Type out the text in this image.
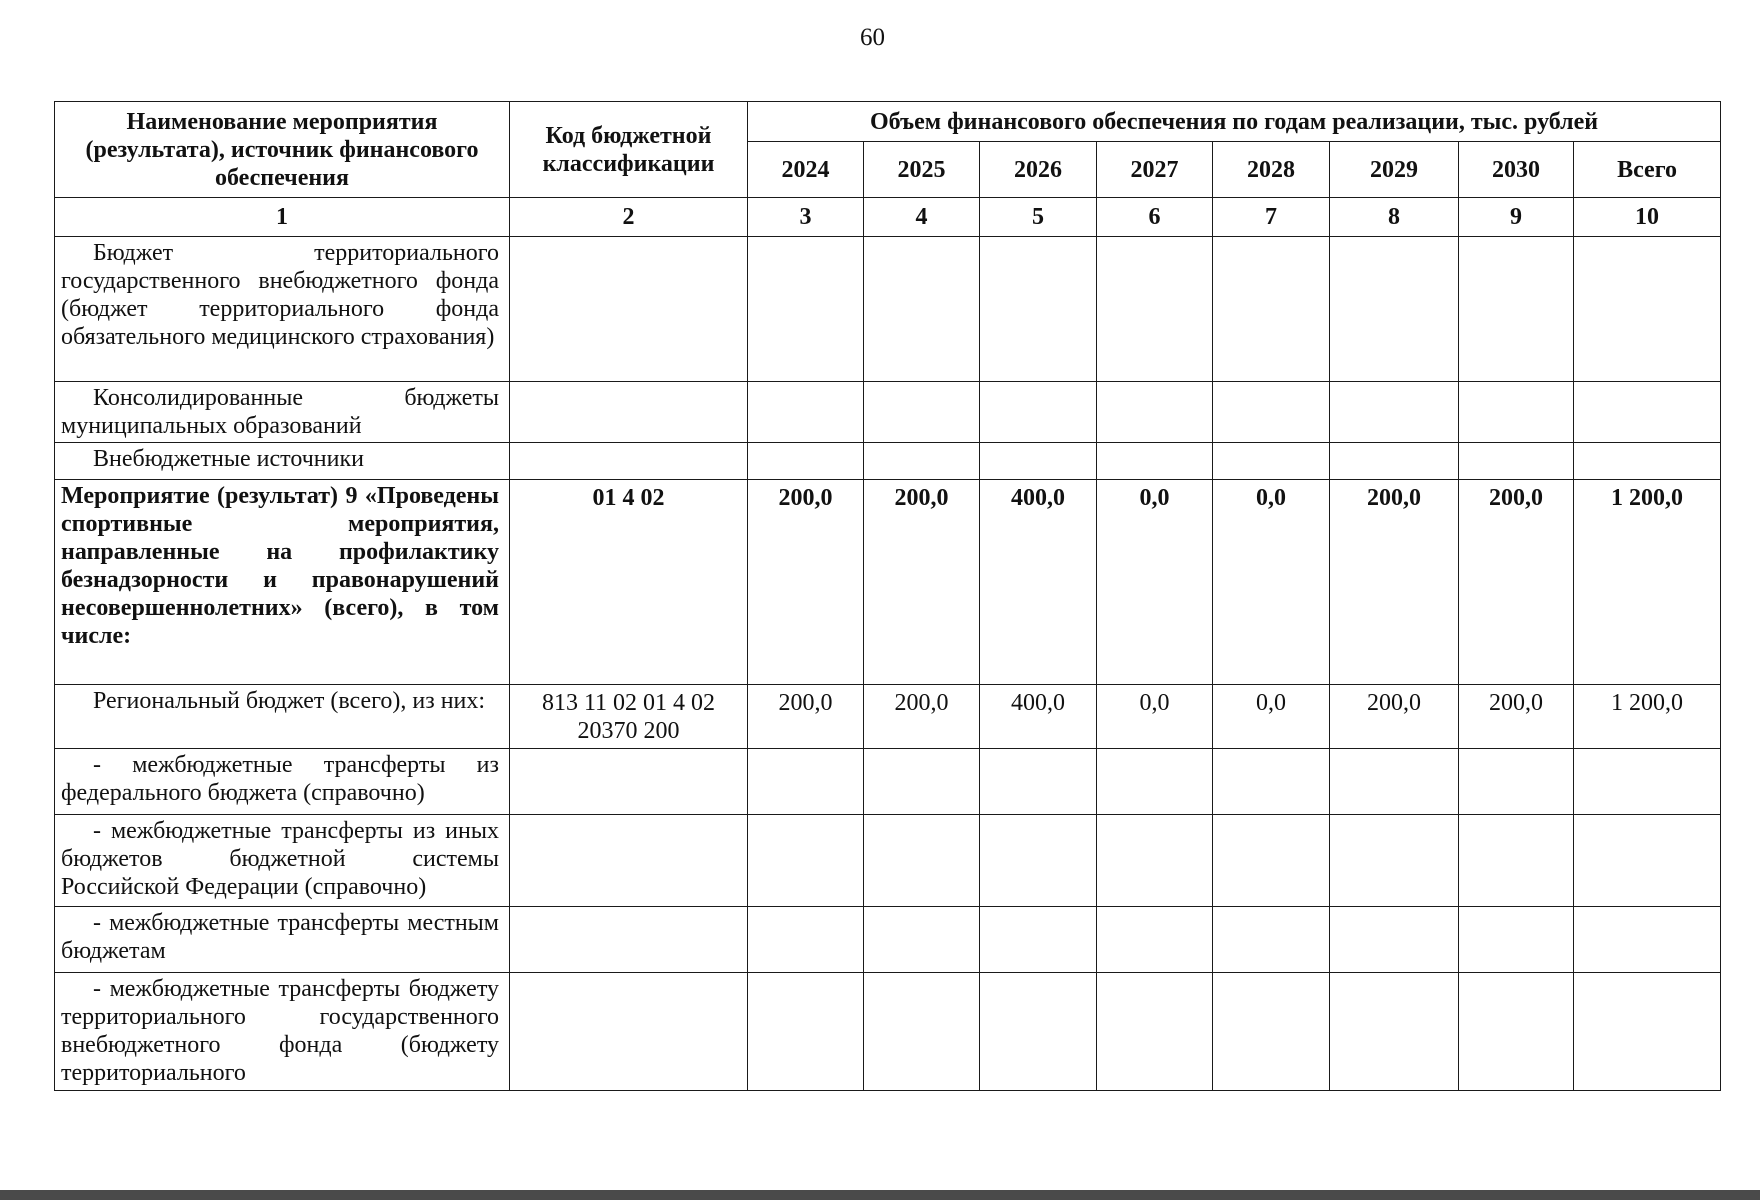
60
Наименование мероприятия (результата), источник финансового обеспечения	Код бюджетной классификации	Объем финансового обеспечения по годам реализации, тыс. рублей							
		2024	2025	2026	2027	2028	2029	2030	Всего
1	2	3	4	5	6	7	8	9	10

Бюджет территориального государственного внебюджетного фонда (бюджет территориального фонда обязательного медицинского страхования)									

Консолидированные бюджеты муниципальных образований									

Внебюджетные источники									

Мероприятие (результат) 9 «Проведены спортивные мероприятия, направленные на профилактику безнадзорности и правонарушений несовершеннолетних» (всего), в том числе:	01 4 02	200,0	200,0	400,0	0,0	0,0	200,0	200,0	1 200,0

Региональный бюджет (всего), из них:	813 11 02 01 4 02 20370 200	200,0	200,0	400,0	0,0	0,0	200,0	200,0	1 200,0

- межбюджетные трансферты из федерального бюджета (справочно)									

- межбюджетные трансферты из иных бюджетов бюджетной системы Российской Федерации (справочно)									

- межбюджетные трансферты местным бюджетам									

- межбюджетные трансферты бюджету территориального государственного внебюджетного фонда (бюджету территориального									
